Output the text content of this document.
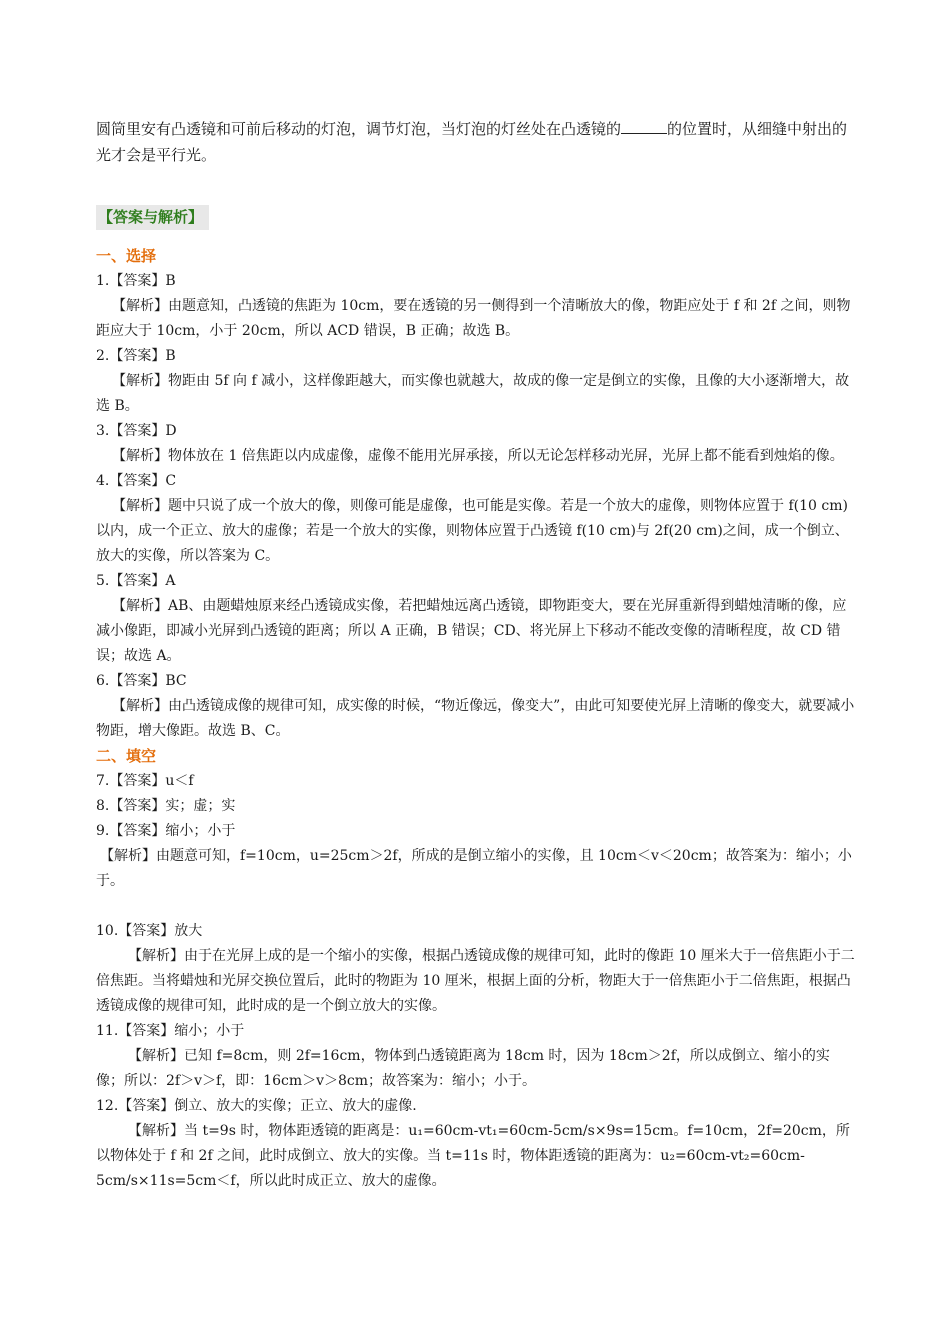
圆筒里安有凸透镜和可前后移动的灯泡，调节灯泡，当灯泡的灯丝处在凸透镜的	的位置时，从细缝中射出的光才会是平行光。

【答案与解析】

一、选择

1.【答案】B

【解析】由题意知，凸透镜的焦距为 10cm，要在透镜的另一侧得到一个清晰放大的像，物距应处于 f 和 2f 之间，则物距应大于 10cm，小于 20cm，所以 ACD 错误，B 正确；故选 B。

2.【答案】B

【解析】物距由 5f 向 f 减小，这样像距越大，而实像也就越大，故成的像一定是倒立的实像，且像的大小逐渐增大，故选 B。

3.【答案】D

【解析】物体放在 1 倍焦距以内成虚像，虚像不能用光屏承接，所以无论怎样移动光屏，光屏上都不能看到烛焰的像。

4.【答案】C

【解析】题中只说了成一个放大的像，则像可能是虚像，也可能是实像。若是一个放大的虚像，则物体应置于 f(10 cm)以内，成一个正立、放大的虚像；若是一个放大的实像，则物体应置于凸透镜 f(10 cm)与 2f(20 cm)之间，成一个倒立、放大的实像，所以答案为 C。

5.【答案】A

【解析】AB、由题蜡烛原来经凸透镜成实像，若把蜡烛远离凸透镜，即物距变大，要在光屏重新得到蜡烛清晰的像，应减小像距，即减小光屏到凸透镜的距离；所以 A 正确，B 错误；CD、将光屏上下移动不能改变像的清晰程度，故 CD 错误；故选 A。

6.【答案】BC

【解析】由凸透镜成像的规律可知，成实像的时候，“物近像远，像变大”，由此可知要使光屏上清晰的像变大，就要减小物距，增大像距。故选 B、C。

二、填空

7.【答案】u＜f

8.【答案】实；虚；实

9.【答案】缩小；小于

【解析】由题意可知，f=10cm，u=25cm＞2f，所成的是倒立缩小的实像，且 10cm＜v＜20cm；故答案为：缩小；小于。

10.【答案】放大

【解析】由于在光屏上成的是一个缩小的实像，根据凸透镜成像的规律可知，此时的像距 10 厘米大于一倍焦距小于二倍焦距。当将蜡烛和光屏交换位置后，此时的物距为 10 厘米，根据上面的分析，物距大于一倍焦距小于二倍焦距，根据凸透镜成像的规律可知，此时成的是一个倒立放大的实像。

11.【答案】缩小；小于

【解析】已知 f=8cm，则 2f=16cm，物体到凸透镜距离为 18cm 时，因为 18cm＞2f，所以成倒立、缩小的实像；所以：2f＞v＞f，即：16cm＞v＞8cm；故答案为：缩小；小于。

12.【答案】倒立、放大的实像；正立、放大的虚像.

【解析】当 t=9s 时，物体距透镜的距离是：u₁=60cm-vt₁=60cm-5cm/s×9s=15cm。f=10cm，2f=20cm，所以物体处于 f 和 2f 之间，此时成倒立、放大的实像。当 t=11s 时，物体距透镜的距离为：u₂=60cm-vt₂=60cm-5cm/s×11s=5cm＜f，所以此时成正立、放大的虚像。
